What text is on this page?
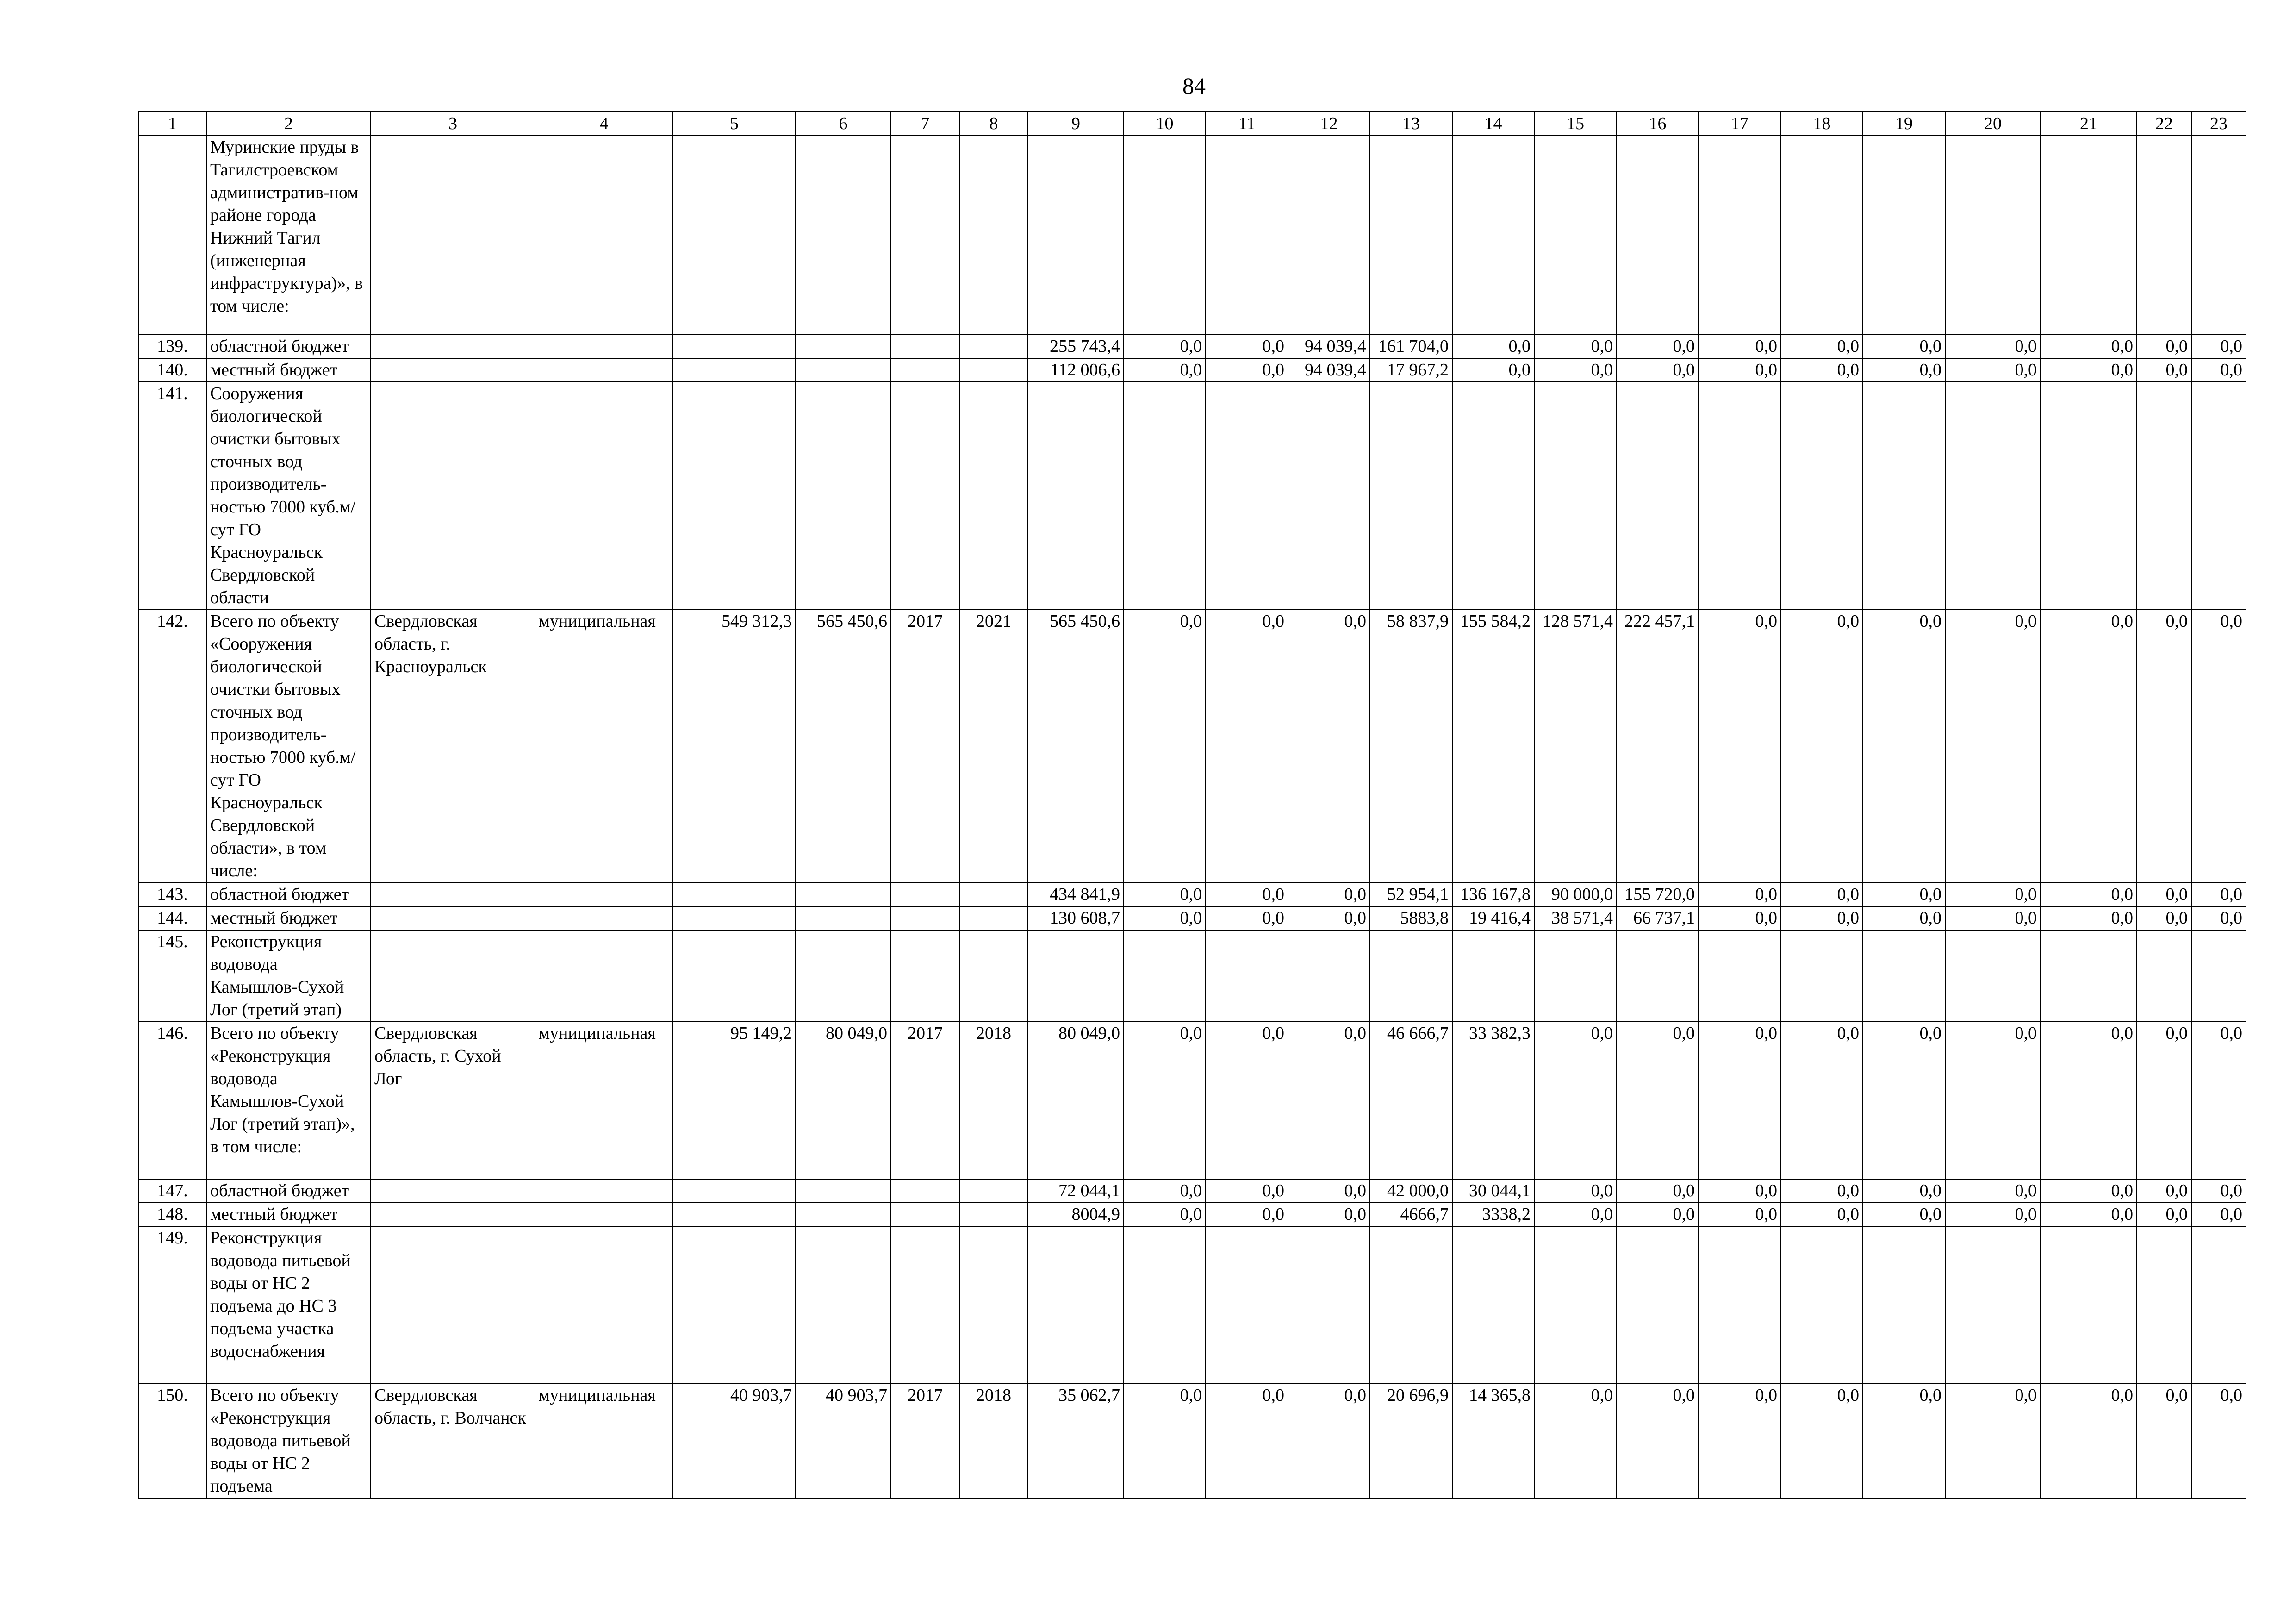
84
1	2	3	4	5	6	7	8	9	10	11	12	13	14	15	16	17	18	19	20	21	22	23
	Муринские пруды в Тагилстроевском административ-ном районе города Нижний Тагил (инженерная инфраструктура)», в том числе:																					
139.	областной бюджет							255 743,4	0,0	0,0	94 039,4	161 704,0	0,0	0,0	0,0	0,0	0,0	0,0	0,0	0,0	0,0	0,0
140.	местный бюджет							112 006,6	0,0	0,0	94 039,4	17 967,2	0,0	0,0	0,0	0,0	0,0	0,0	0,0	0,0	0,0	0,0
141.	Сооружения биологической очистки бытовых сточных вод производитель-ностью 7000 куб.м/сут ГО Красноуральск Свердловской области																					
142.	Всего по объекту «Сооружения биологической очистки бытовых сточных вод производитель-ностью 7000 куб.м/сут ГО Красноуральск Свердловской области», в том числе:	Свердловская область, г. Красноуральск	муниципальная	549 312,3	565 450,6	2017	2021	565 450,6	0,0	0,0	0,0	58 837,9	155 584,2	128 571,4	222 457,1	0,0	0,0	0,0	0,0	0,0	0,0	0,0
143.	областной бюджет							434 841,9	0,0	0,0	0,0	52 954,1	136 167,8	90 000,0	155 720,0	0,0	0,0	0,0	0,0	0,0	0,0	0,0
144.	местный бюджет							130 608,7	0,0	0,0	0,0	5883,8	19 416,4	38 571,4	66 737,1	0,0	0,0	0,0	0,0	0,0	0,0	0,0
145.	Реконструкция водовода Камышлов-Сухой Лог (третий этап)																					
146.	Всего по объекту «Реконструкция водовода Камышлов-Сухой Лог (третий этап)», в том числе:	Свердловская область, г. Сухой Лог	муниципальная	95 149,2	80 049,0	2017	2018	80 049,0	0,0	0,0	0,0	46 666,7	33 382,3	0,0	0,0	0,0	0,0	0,0	0,0	0,0	0,0	0,0
147.	областной бюджет							72 044,1	0,0	0,0	0,0	42 000,0	30 044,1	0,0	0,0	0,0	0,0	0,0	0,0	0,0	0,0	0,0
148.	местный бюджет							8004,9	0,0	0,0	0,0	4666,7	3338,2	0,0	0,0	0,0	0,0	0,0	0,0	0,0	0,0	0,0
149.	Реконструкция водовода питьевой воды от НС 2 подъема до НС 3 подъема участка водоснабжения																					
150.	Всего по объекту «Реконструкция водовода питьевой воды от НС 2 подъема	Свердловская область, г. Волчанск	муниципальная	40 903,7	40 903,7	2017	2018	35 062,7	0,0	0,0	0,0	20 696,9	14 365,8	0,0	0,0	0,0	0,0	0,0	0,0	0,0	0,0	0,0
